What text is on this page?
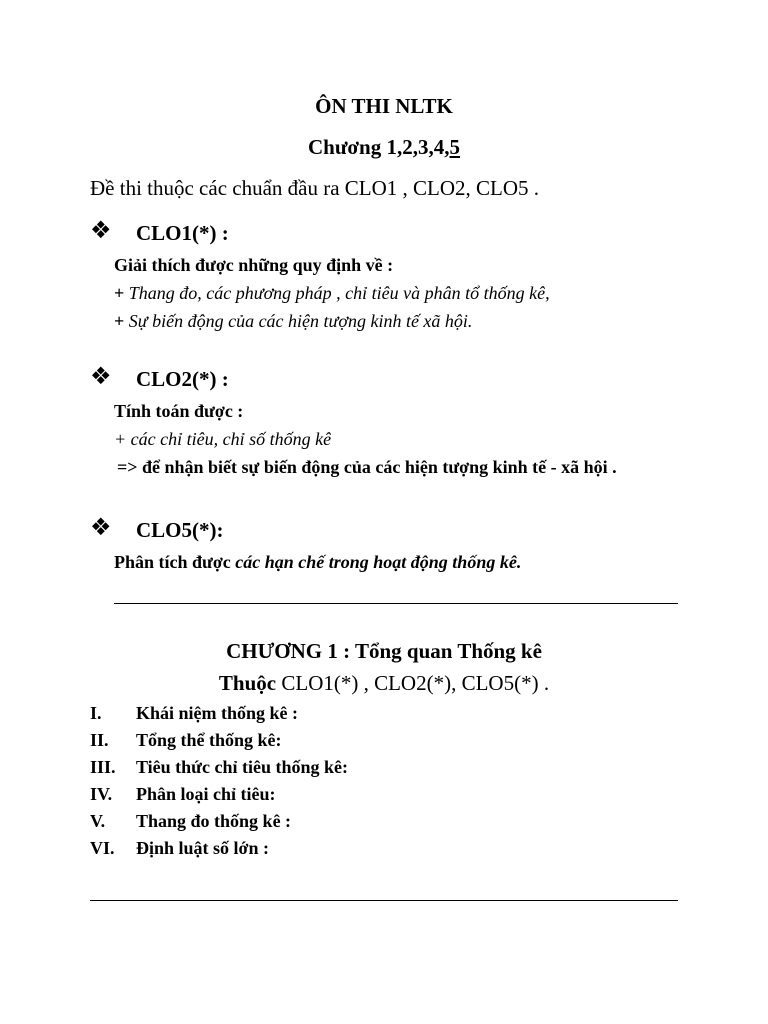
ÔN THI NLTK
Chương 1,2,3,4,5
Đề thi thuộc các chuẩn đầu ra CLO1 , CLO2, CLO5 .
❖ CLO1(*) :
Giải thích được những quy định về :
+ Thang đo, các phương pháp , chỉ tiêu và phân tổ thống kê,
+ Sự biến động của các hiện tượng kinh tế xã hội.
❖ CLO2(*) :
Tính toán được :
+ các chỉ tiêu, chỉ số thống kê
=> để nhận biết sự biến động của các hiện tượng kinh tế - xã hội .
❖ CLO5(*):
Phân tích được các hạn chế trong hoạt động thống kê.
CHƯƠNG 1 : Tổng quan Thống kê
Thuộc CLO1(*) , CLO2(*), CLO5(*) .
I. Khái niệm thống kê :
II. Tổng thể thống kê:
III. Tiêu thức chỉ tiêu thống kê:
IV. Phân loại chỉ tiêu:
V. Thang đo thống kê :
VI. Định luật số lớn :
